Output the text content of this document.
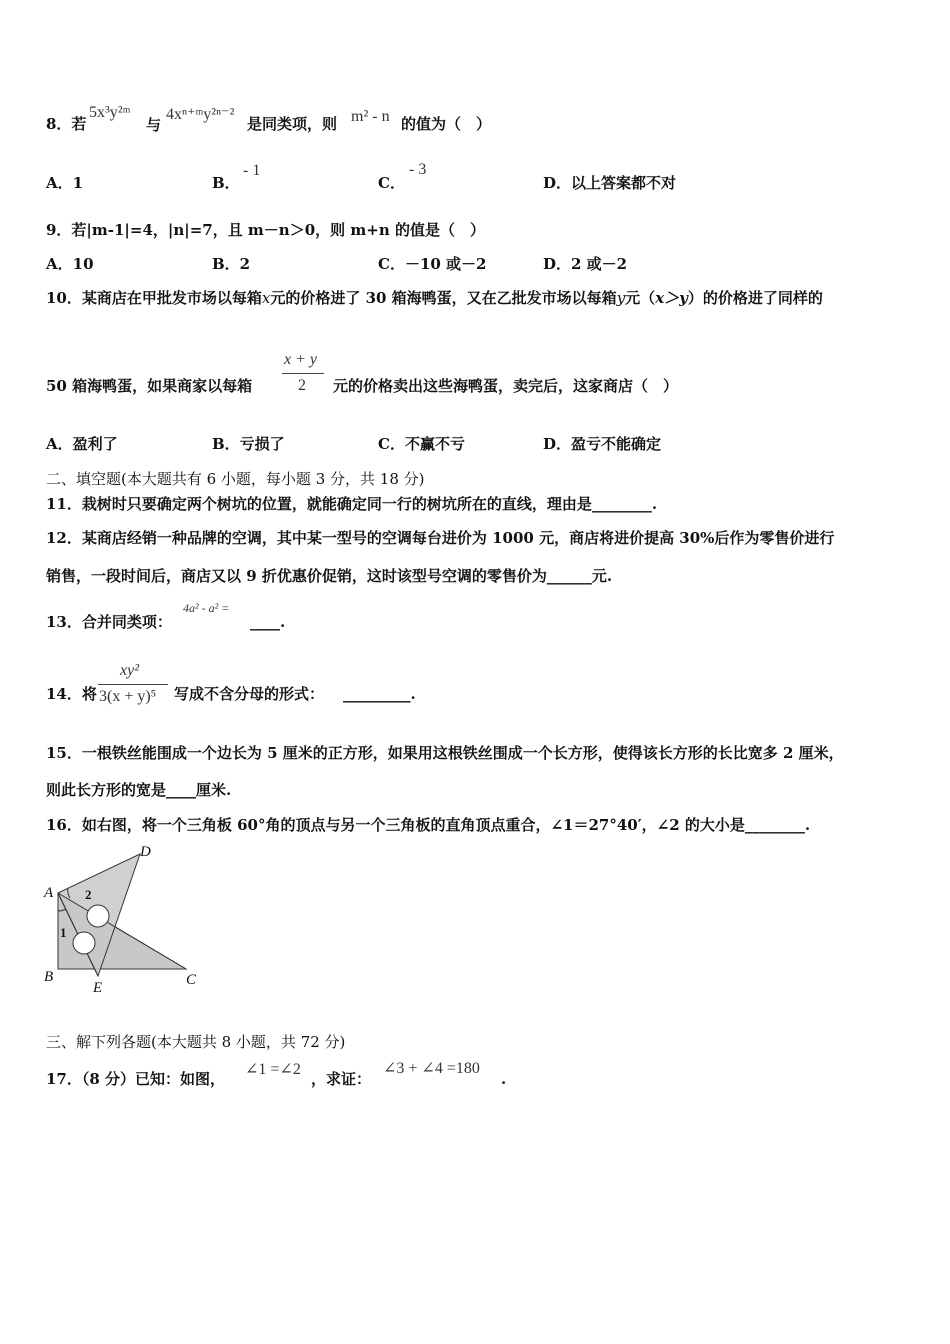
8．若
5x³y²ᵐ
与
4xⁿ⁺ᵐy²ⁿ⁻²
是同类项，则 m² - n 的值为（　）
A．1	B．
- 1
C．
- 3
D．以上答案都不对
9．若|m-1|=4，|n|=7，且 m－n＞0，则 m+n 的值是（　）
A．10	B．2	C．－10 或－2	D．2 或－2
10．某商店在甲批发市场以每箱x元的价格进了 30 箱海鸭蛋，又在乙批发市场以每箱y元（x＞y）的价格进了同样的
50 箱海鸭蛋，如果商家以每箱
x + y
2 元的价格卖出这些海鸭蛋，卖完后，这家商店（　）
A．盈利了	B．亏损了	C．不赢不亏	D．盈亏不能确定
二、填空题(本大题共有 6 小题，每小题 3 分，共 18 分)
11．栽树时只要确定两个树坑的位置，就能确定同一行的树坑所在的直线，理由是________.
12．某商店经销一种品牌的空调，其中某一型号的空调每台进价为 1000 元，商店将进价提高 30%后作为零售价进行
销售，一段时间后，商店又以 9 折优惠价促销，这时该型号空调的零售价为______元.
13．合并同类项：
4a² - a² =
____.
14．将
xy²
3(x + y)⁵ 写成不含分母的形式： _________.
15．一根铁丝能围成一个边长为 5 厘米的正方形，如果用这根铁丝围成一个长方形，使得该长方形的长比宽多 2 厘米，
则此长方形的宽是____厘米.
16．如右图，将一个三角板 60°角的顶点与另一个三角板的直角顶点重合，∠1＝27°40′，∠2 的大小是________.
A
B	C
D
E
1
2
三、解下列各题(本大题共 8 小题，共 72 分)
17．（8 分）已知：如图，
∠1 =∠2
，求证：
∠3 + ∠4 =180
.
